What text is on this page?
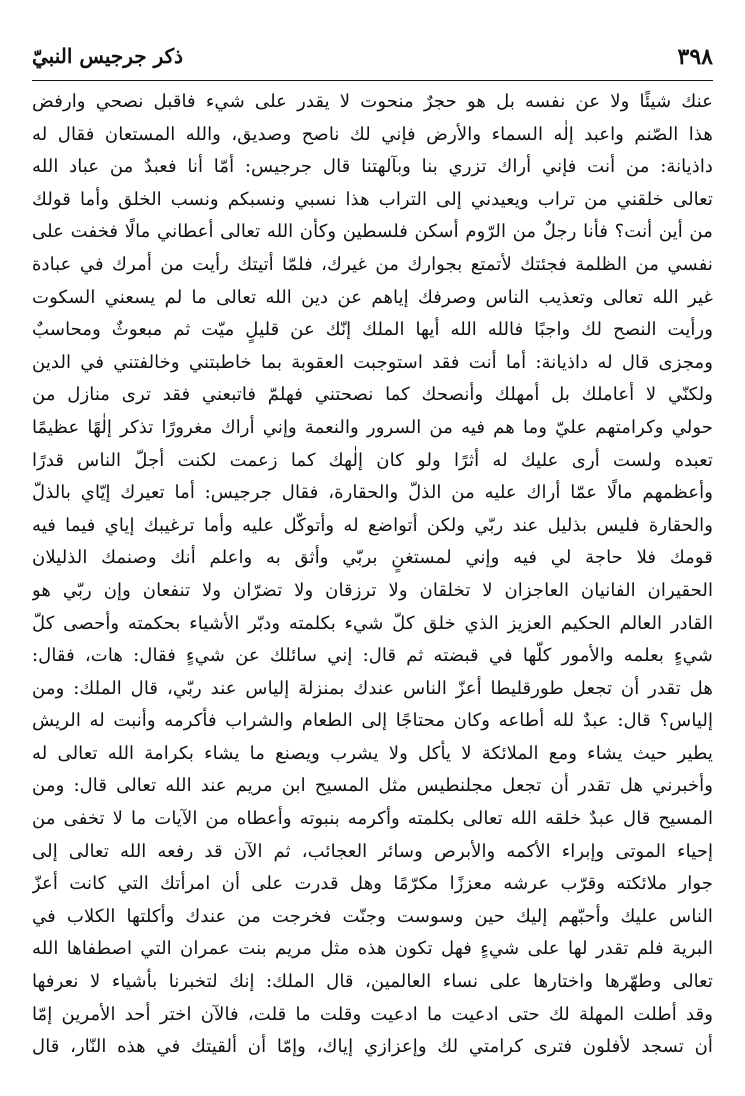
٣٩٨
ذكر جرجيس النبيّ
عنك شيئًا ولا عن نفسه بل هو حجرٌ منحوت لا يقدر على شيء فاقبل نصحي وارفض
هذا الصّنم واعبد إلٰه السماء والأرض فإني لك ناصح وصديق، والله المستعان فقال له
داذيانة: من أنت فإني أراك تزري بنا وبآلهتنا قال جرجيس: أمّا أنا فعبدٌ من عباد الله
تعالى خلقني من تراب ويعيدني إلى التراب هذا نسبي ونسبكم ونسب الخلق وأما قولك
من أين أنت؟ فأنا رجلٌ من الرّوم أسكن فلسطين وكأن الله تعالى أعطاني مالًا فخفت على
نفسي من الظلمة فجئتك لأتمتع بجوارك من غيرك، فلمّا أتيتك رأيت من أمرك في عبادة
غير الله تعالى وتعذيب الناس وصرفك إياهم عن دين الله تعالى ما لم يسعني السكوت
ورأيت النصح لك واجبًا فالله الله أيها الملك إنّك عن قليلٍ ميّت ثم مبعوثٌ ومحاسبٌ
ومجزى قال له داذيانة: أما أنت فقد استوجبت العقوبة بما خاطبتني وخالفتني في الدين
ولكنّي لا أعاملك بل أمهلك وأنصحك كما نصحتني فهلمّ فاتبعني فقد ترى منازل من
حولي وكرامتهم عليّ وما هم فيه من السرور والنعمة وإني أراك مغرورًا تذكر إلٰهًا عظيمًا
تعبده ولست أرى عليك له أثرًا ولو كان إلٰهك كما زعمت لكنت أجلّ الناس قدرًا
وأعظمهم مالًا عمّا أراك عليه من الذلّ والحقارة، فقال جرجيس: أما تعيرك إيّاي بالذلّ
والحقارة فليس بذليل عند ربّي ولكن أتواضع له وأتوكّل عليه وأما ترغيبك إياي فيما فيه
قومك فلا حاجة لي فيه وإني لمستغنٍ بربّي وأثق به واعلم أنك وصنمك الذليلان
الحقيران الفانيان العاجزان لا تخلقان ولا ترزقان ولا تضرّان ولا تنفعان وإن ربّي هو
القادر العالم الحكيم العزيز الذي خلق كلّ شيء بكلمته ودبّر الأشياء بحكمته وأحصى كلّ
شيءٍ بعلمه والأمور كلّها في قبضته ثم قال: إني سائلك عن شيءٍ فقال: هات، فقال:
هل تقدر أن تجعل طورقليطا أعزّ الناس عندك بمنزلة إلياس عند ربّي، قال الملك: ومن
إلياس؟ قال: عبدٌ لله أطاعه وكان محتاجًا إلى الطعام والشراب فأكرمه وأنبت له الريش
يطير حيث يشاء ومع الملائكة لا يأكل ولا يشرب ويصنع ما يشاء بكرامة الله تعالى له
وأخبرني هل تقدر أن تجعل مجلنطيس مثل المسيح ابن مريم عند الله تعالى قال: ومن
المسيح قال عبدٌ خلقه الله تعالى بكلمته وأكرمه بنبوته وأعطاه من الآيات ما لا تخفى من
إحياء الموتى وإبراء الأكمه والأبرص وسائر العجائب، ثم الآن قد رفعه الله تعالى إلى
جوار ملائكته وقرّب عرشه معززًا مكرّمًا وهل قدرت على أن امرأتك التي كانت أعزّ
الناس عليك وأحبّهم إليك حين وسوست وجنّت فخرجت من عندك وأكلتها الكلاب في
البرية فلم تقدر لها على شيءٍ فهل تكون هذه مثل مريم بنت عمران التي اصطفاها الله
تعالى وطهّرها واختارها على نساء العالمين، قال الملك: إنك لتخبرنا بأشياء لا نعرفها
وقد أطلت المهلة لك حتى ادعيت ما ادعيت وقلت ما قلت، فالآن اختر أحد الأمرين إمّا
أن تسجد لأفلون فترى كرامتي لك وإعزازي إياك، وإمّا أن ألقيتك في هذه النّار، قال
